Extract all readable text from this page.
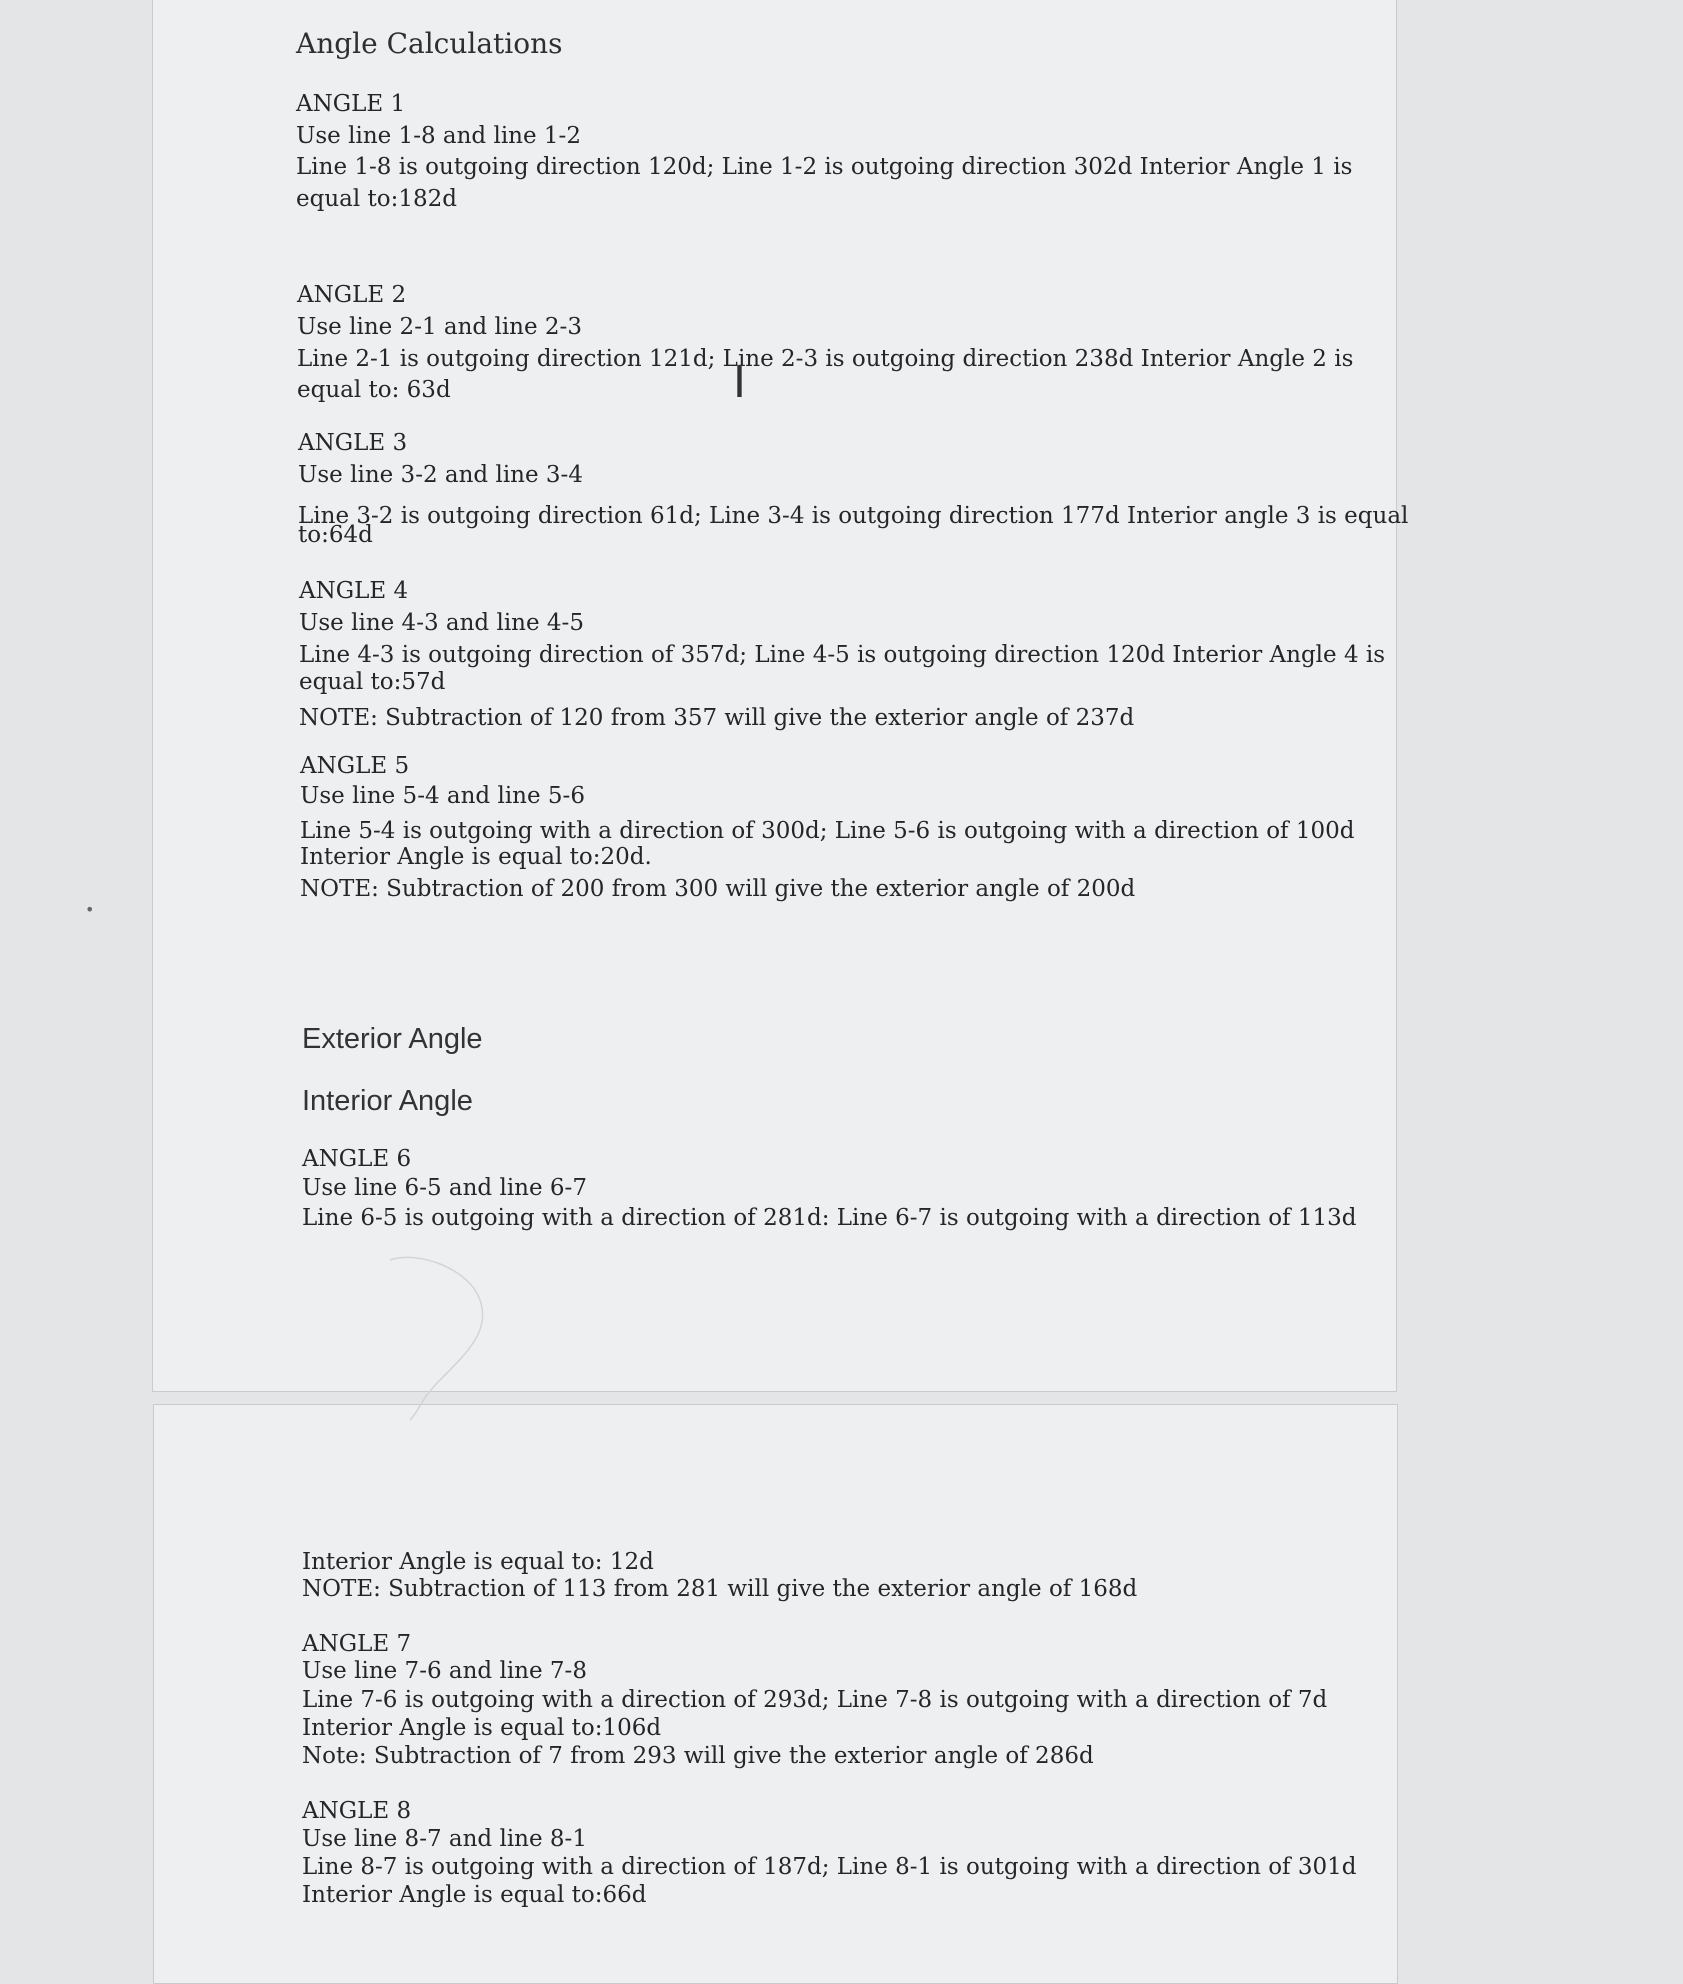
Angle Calculations
ANGLE 1
Use line 1-8 and line 1-2
Line 1-8 is outgoing direction 120d; Line 1-2 is outgoing direction 302d Interior Angle 1 is
equal to:182d
ANGLE 2
Use line 2-1 and line 2-3
Line 2-1 is outgoing direction 121d; Line 2-3 is outgoing direction 238d Interior Angle 2 is
equal to: 63d
ANGLE 3
Use line 3-2 and line 3-4
Line 3-2 is outgoing direction 61d; Line 3-4 is outgoing direction 177d Interior angle 3 is equal
to:64d
ANGLE 4
Use line 4-3 and line 4-5
Line 4-3 is outgoing direction of 357d; Line 4-5 is outgoing direction 120d Interior Angle 4 is
equal to:57d
NOTE: Subtraction of 120 from 357 will give the exterior angle of 237d
ANGLE 5
Use line 5-4 and line 5-6
Line 5-4 is outgoing with a direction of 300d; Line 5-6 is outgoing with a direction of 100d
Interior Angle is equal to:20d.
NOTE: Subtraction of 200 from 300 will give the exterior angle of 200d
Exterior Angle
Interior Angle
ANGLE 6
Use line 6-5 and line 6-7
Line 6-5 is outgoing with a direction of 281d: Line 6-7 is outgoing with a direction of 113d
Interior Angle is equal to: 12d
NOTE: Subtraction of 113 from 281 will give the exterior angle of 168d
ANGLE 7
Use line 7-6 and line 7-8
Line 7-6 is outgoing with a direction of 293d; Line 7-8 is outgoing with a direction of 7d
Interior Angle is equal to:106d
Note: Subtraction of 7 from 293 will give the exterior angle of 286d
ANGLE 8
Use line 8-7 and line 8-1
Line 8-7 is outgoing with a direction of 187d; Line 8-1 is outgoing with a direction of 301d
Interior Angle is equal to:66d
I
•
